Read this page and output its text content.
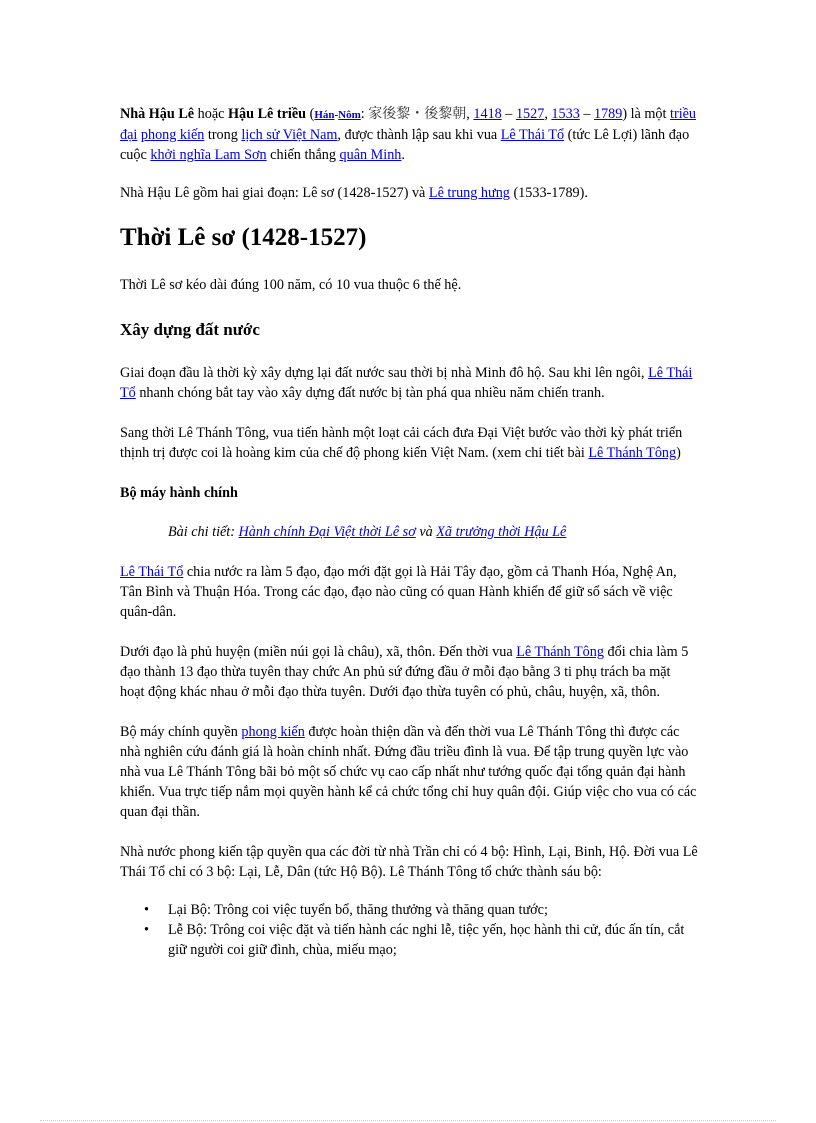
Nhà Hậu Lê hoặc Hậu Lê triều (Hán-Nôm: 家後黎・後黎朝, 1418 – 1527, 1533 – 1789) là một triều đại phong kiến trong lịch sử Việt Nam, được thành lập sau khi vua Lê Thái Tổ (tức Lê Lợi) lãnh đạo cuộc khởi nghĩa Lam Sơn chiến thắng quân Minh.

Nhà Hậu Lê gồm hai giai đoạn: Lê sơ (1428-1527) và Lê trung hưng (1533-1789).

Thời Lê sơ (1428-1527)

Thời Lê sơ kéo dài đúng 100 năm, có 10 vua thuộc 6 thế hệ.

Xây dựng đất nước

Giai đoạn đầu là thời kỳ xây dựng lại đất nước sau thời bị nhà Minh đô hộ. Sau khi lên ngôi, Lê Thái Tổ nhanh chóng bắt tay vào xây dựng đất nước bị tàn phá qua nhiều năm chiến tranh.

Sang thời Lê Thánh Tông, vua tiến hành một loạt cải cách đưa Đại Việt bước vào thời kỳ phát triển thịnh trị được coi là hoàng kim của chế độ phong kiến Việt Nam. (xem chi tiết bài Lê Thánh Tông)

Bộ máy hành chính

Bài chi tiết: Hành chính Đại Việt thời Lê sơ và Xã trưởng thời Hậu Lê

Lê Thái Tổ chia nước ra làm 5 đạo, đạo mới đặt gọi là Hải Tây đạo, gồm cả Thanh Hóa, Nghệ An, Tân Bình và Thuận Hóa. Trong các đạo, đạo nào cũng có quan Hành khiển để giữ sổ sách về việc quân-dân.

Dưới đạo là phủ huyện (miền núi gọi là châu), xã, thôn. Đến thời vua Lê Thánh Tông đổi chia làm 5 đạo thành 13 đạo thừa tuyên thay chức An phủ sứ đứng đầu ở mỗi đạo bằng 3 ti phụ trách ba mặt hoạt động khác nhau ở mỗi đạo thừa tuyên. Dưới đạo thừa tuyên có phủ, châu, huyện, xã, thôn.

Bộ máy chính quyền phong kiến được hoàn thiện dần và đến thời vua Lê Thánh Tông thì được các nhà nghiên cứu đánh giá là hoàn chỉnh nhất. Đứng đầu triều đình là vua. Để tập trung quyền lực vào nhà vua Lê Thánh Tông bãi bỏ một số chức vụ cao cấp nhất như tướng quốc đại tổng quản đại hành khiển. Vua trực tiếp nắm mọi quyền hành kể cả chức tổng chỉ huy quân đội. Giúp việc cho vua có các quan đại thần.

Nhà nước phong kiến tập quyền qua các đời từ nhà Trần chỉ có 4 bộ: Hình, Lại, Binh, Hộ. Đời vua Lê Thái Tổ chỉ có 3 bộ: Lại, Lễ, Dân (tức Hộ Bộ). Lê Thánh Tông tổ chức thành sáu bộ:

• Lại Bộ: Trông coi việc tuyển bổ, thăng thưởng và thăng quan tước;
• Lễ Bộ: Trông coi việc đặt và tiến hành các nghi lễ, tiệc yến, học hành thi cử, đúc ấn tín, cắt giữ người coi giữ đình, chùa, miếu mạo;
